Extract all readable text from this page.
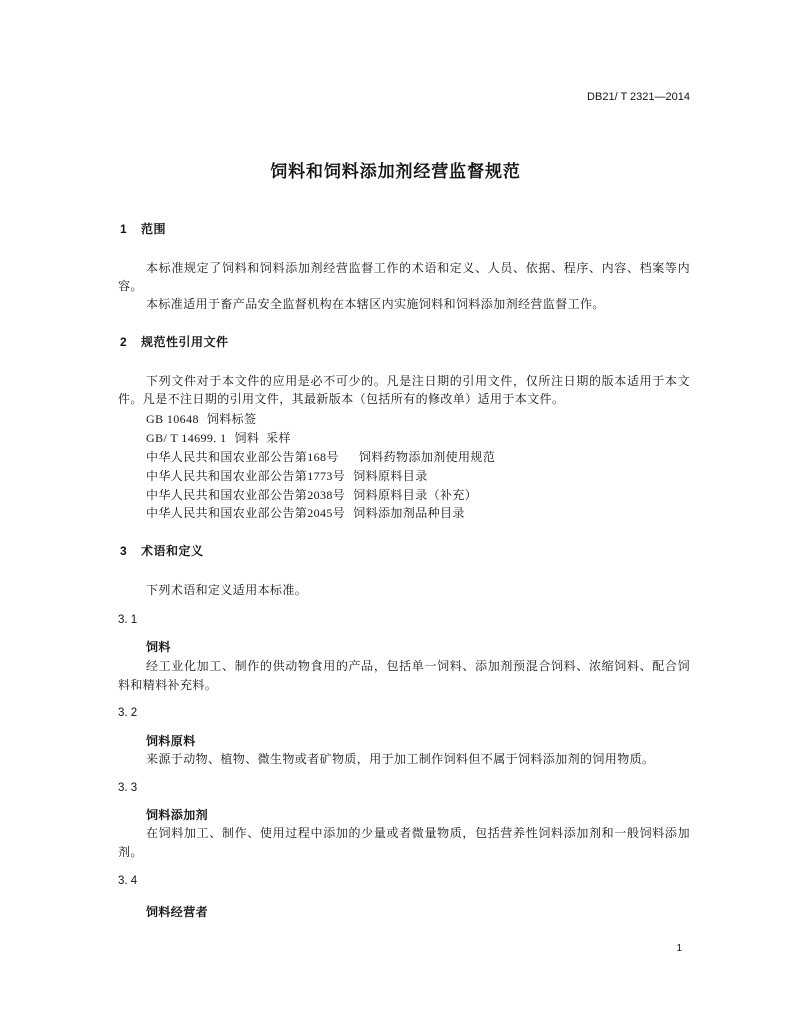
DB21/ T 2321—2014
饲料和饲料添加剂经营监督规范
1 范围
本标准规定了饲料和饲料添加剂经营监督工作的术语和定义、人员、依据、程序、内容、档案等内
容。
本标准适用于畜产品安全监督机构在本辖区内实施饲料和饲料添加剂经营监督工作。
2 规范性引用文件
下列文件对于本文件的应用是必不可少的。凡是注日期的引用文件，仅所注日期的版本适用于本文
件。凡是不注日期的引用文件，其最新版本（包括所有的修改单）适用于本文件。
GB 10648 饲料标签
GB/ T 14699. 1 饲料  采样
中华人民共和国农业部公告第168号 饲料药物添加剂使用规范
中华人民共和国农业部公告第1773号 饲料原料目录
中华人民共和国农业部公告第2038号 饲料原料目录（补充）
中华人民共和国农业部公告第2045号 饲料添加剂品种目录
3 术语和定义
下列术语和定义适用本标准。
3. 1
饲料
经工业化加工、制作的供动物食用的产品，包括单一饲料、添加剂预混合饲料、浓缩饲料、配合饲
料和精料补充料。
3. 2
饲料原料
来源于动物、植物、微生物或者矿物质，用于加工制作饲料但不属于饲料添加剂的饲用物质。
3. 3
饲料添加剂
在饲料加工、制作、使用过程中添加的少量或者微量物质，包括营养性饲料添加剂和一般饲料添加
剂。
3. 4
饲料经营者
1
